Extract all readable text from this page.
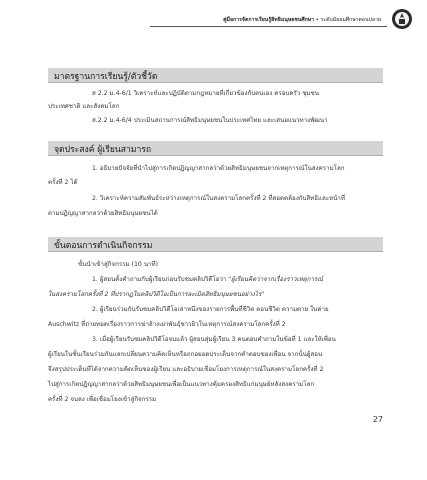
คู่มือการจัดการเรียนรู้สิทธิมนุษยชนศึกษา • ระดับมัธยมศึกษาตอนปลาย
มาตรฐานการเรียนรู้/ตัวชี้วัด
ส 2.2 ม.4-6/1 วิเคราะห์และปฏิบัติตามกฎหมายที่เกี่ยวข้องกับตนเอง ครอบครัว ชุมชน
ประเทศชาติ และสังคมโลก
ส.2.2 ม.4-6/4 ประเมินสถานการณ์สิทธิมนุษยชนในประเทศไทย และเสนอแนวทางพัฒนา
จุดประสงค์ ผู้เรียนสามารถ
1. อธิบายปัจจัยที่นำไปสู่การเกิดปฏิญญาสากลว่าด้วยสิทธิมนุษยชนจากเหตุการณ์ในสงครามโลก
ครั้งที่ 2 ได้
2. วิเคราะห์ความสัมพันธ์ระหว่างเหตุการณ์ในสงครามโลกครั้งที่ 2 ที่สอดคล้องกับสิทธิและหน้าที่
ตามปฏิญญาสากลว่าด้วยสิทธิมนุษยชนได้
ขั้นตอนการดำเนินกิจกรรม
ขั้นนำเข้าสู่กิจกรรม (10 นาที)
1. ผู้สอนตั้งคำถามกับผู้เรียนก่อนรับชมคลิปวิดีโอว่า "ผู้เรียนคิดว่าจากเรื่องราวเหตุการณ์
ในสงครามโลกครั้งที่ 2 ที่ปรากฏในคลิปวิดีโอเป็นการละเมิดสิทธิมนุษยชนอย่างไร"
2. ผู้เรียนร่วมกันรับชมคลิปวิดีโอเล่าหนึ่งของรายการพื้นที่ชีวิต ตอนชีวิต ความตาย ในค่าย
Auschwitz ที่ถ่ายทอดเรื่องราวการฆ่าล้างเผ่าพันธุ์ชาวยิวในเหตุการณ์สงครามโลกครั้งที่ 2
3. เมื่อผู้เรียนรับชมคลิปวิดีโอจบแล้ว ผู้สอนสุ่มผู้เรียน 3 คนตอบคำถามในข้อที่ 1 และให้เพื่อน
ผู้เรียนในชั้นเรียนร่วมกันแลกเปลี่ยนความคิดเห็นหรือถกอยอดประเด็นจากคำตอบของเพื่อน จากนั้นผู้สอน
จึงสรุปประเด็นที่ได้จากความคิดเห็นของผู้เรียน และอธิบายเชื่อมโยงการเหตุการณ์ในสงครามโลกครั้งที่ 2
ไปสู่การเกิดปฏิญญาสากลว่าด้วยสิทธิมนุษยชนเพื่อเป็นแนวทางคุ้มครองสิทธิแก่มนุษย์หลังสงครามโลก
ครั้งที่ 2 จบลง เพื่อเชื่อมโยงเข้าสู่กิจกรรม
27
